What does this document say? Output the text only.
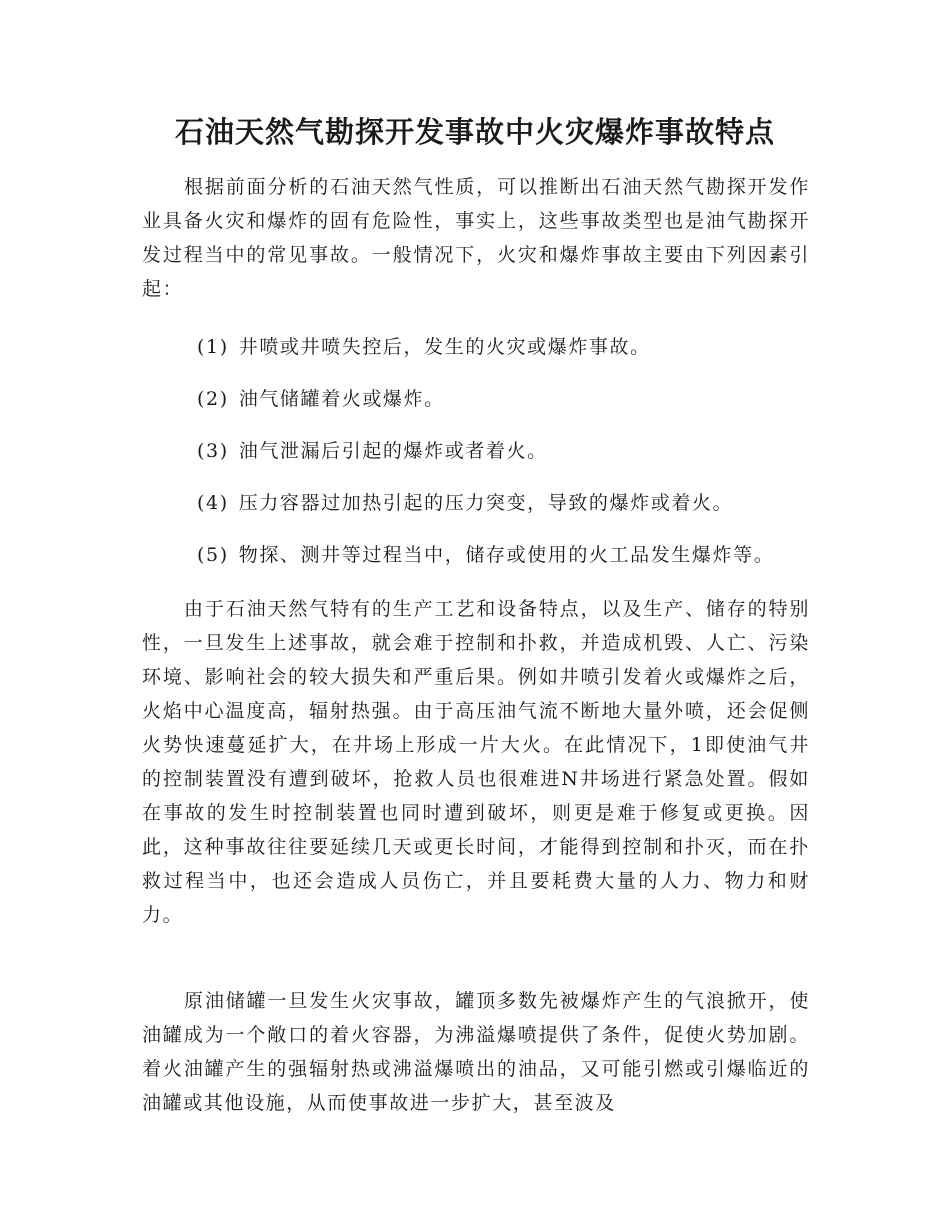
石油天然气勘探开发事故中火灾爆炸事故特点

根据前面分析的石油天然气性质，可以推断出石油天然气勘探开发作业具备火灾和爆炸的固有危险性，事实上，这些事故类型也是油气勘探开发过程当中的常见事故。一般情况下，火灾和爆炸事故主要由下列因素引起：

(1) 井喷或井喷失控后，发生的火灾或爆炸事故。
(2) 油气储罐着火或爆炸。
(3) 油气泄漏后引起的爆炸或者着火。
(4) 压力容器过加热引起的压力突变，导致的爆炸或着火。
(5) 物探、测井等过程当中，储存或使用的火工品发生爆炸等。

由于石油天然气特有的生产工艺和设备特点，以及生产、储存的特别性，一旦发生上述事故，就会难于控制和扑救，并造成机毁、人亡、污染环境、影响社会的较大损失和严重后果。例如井喷引发着火或爆炸之后，火焰中心温度高，辐射热强。由于高压油气流不断地大量外喷，还会促侧火势快速蔓延扩大，在井场上形成一片大火。在此情况下，1即使油气井的控制装置没有遭到破坏，抢救人员也很难进N井场进行紧急处置。假如在事故的发生时控制装置也同时遭到破坏，则更是难于修复或更换。因此，这种事故往往要延续几天或更长时间，才能得到控制和扑灭，而在扑救过程当中，也还会造成人员伤亡，并且要耗费大量的人力、物力和财力。

原油储罐一旦发生火灾事故，罐顶多数先被爆炸产生的气浪掀开，使油罐成为一个敞口的着火容器，为沸溢爆喷提供了条件，促使火势加剧。着火油罐产生的强辐射热或沸溢爆喷出的油品，又可能引燃或引爆临近的油罐或其他设施，从而使事故进一步扩大，甚至波及
